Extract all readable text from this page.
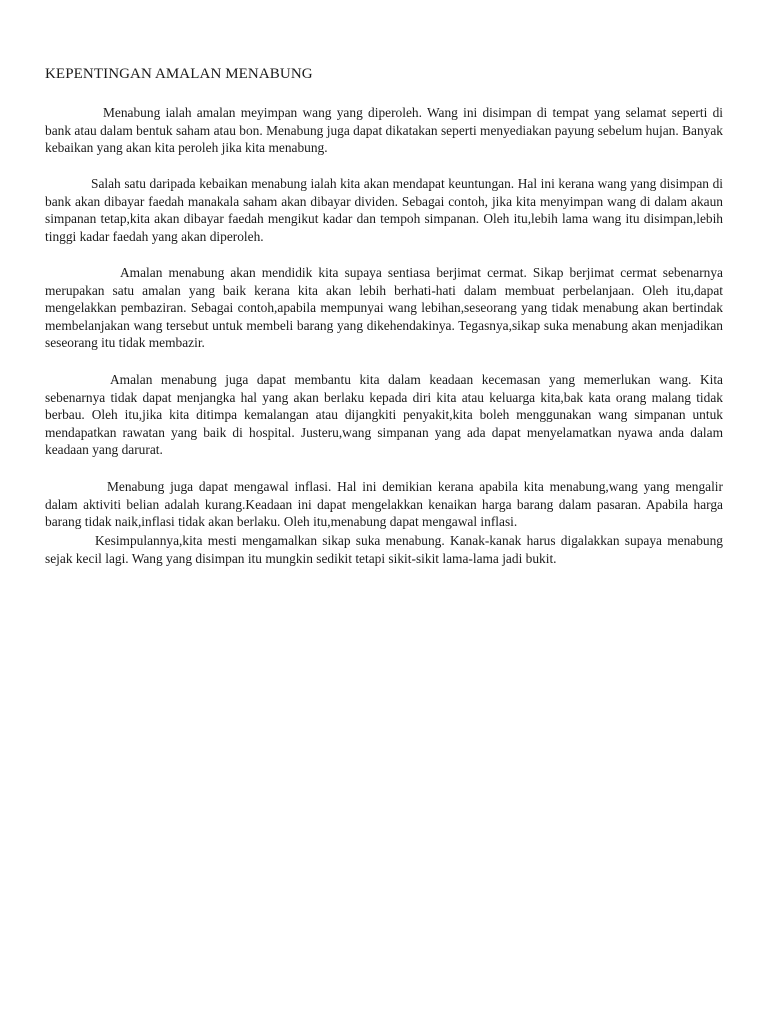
KEPENTINGAN AMALAN MENABUNG

Menabung ialah amalan meyimpan wang yang diperoleh. Wang ini disimpan di tempat yang selamat seperti di bank atau dalam bentuk saham atau bon. Menabung juga dapat dikatakan seperti menyediakan payung sebelum hujan. Banyak kebaikan yang akan kita peroleh jika kita menabung.

Salah satu daripada kebaikan menabung ialah kita akan mendapat keuntungan. Hal ini kerana wang yang disimpan di bank akan dibayar faedah manakala saham akan dibayar dividen. Sebagai contoh, jika kita menyimpan wang di dalam akaun simpanan tetap,kita akan dibayar faedah mengikut kadar dan tempoh simpanan. Oleh itu,lebih lama wang itu disimpan,lebih tinggi kadar faedah yang akan diperoleh.

Amalan menabung akan mendidik kita supaya sentiasa berjimat cermat. Sikap berjimat cermat sebenarnya merupakan satu amalan yang baik kerana kita akan lebih berhati-hati dalam membuat perbelanjaan. Oleh itu,dapat mengelakkan pembaziran. Sebagai contoh,apabila mempunyai wang lebihan,seseorang yang tidak menabung akan bertindak membelanjakan wang tersebut untuk membeli barang yang dikehendakinya. Tegasnya,sikap suka menabung akan menjadikan seseorang itu tidak membazir.

Amalan menabung juga dapat membantu kita dalam keadaan kecemasan yang memerlukan wang. Kita sebenarnya tidak dapat menjangka hal yang akan berlaku kepada diri kita atau keluarga kita,bak kata orang malang tidak berbau. Oleh itu,jika kita ditimpa kemalangan atau dijangkiti penyakit,kita boleh menggunakan wang simpanan untuk mendapatkan rawatan yang baik di hospital. Justeru,wang simpanan yang ada dapat menyelamatkan nyawa anda dalam keadaan yang darurat.

Menabung juga dapat mengawal inflasi. Hal ini demikian kerana apabila kita menabung,wang yang mengalir dalam aktiviti belian adalah kurang.Keadaan ini dapat mengelakkan kenaikan harga barang dalam pasaran. Apabila harga barang tidak naik,inflasi tidak akan berlaku. Oleh itu,menabung dapat mengawal inflasi.

Kesimpulannya,kita mesti mengamalkan sikap suka menabung. Kanak-kanak harus digalakkan supaya menabung sejak kecil lagi. Wang yang disimpan itu mungkin sedikit tetapi sikit-sikit lama-lama jadi bukit.
